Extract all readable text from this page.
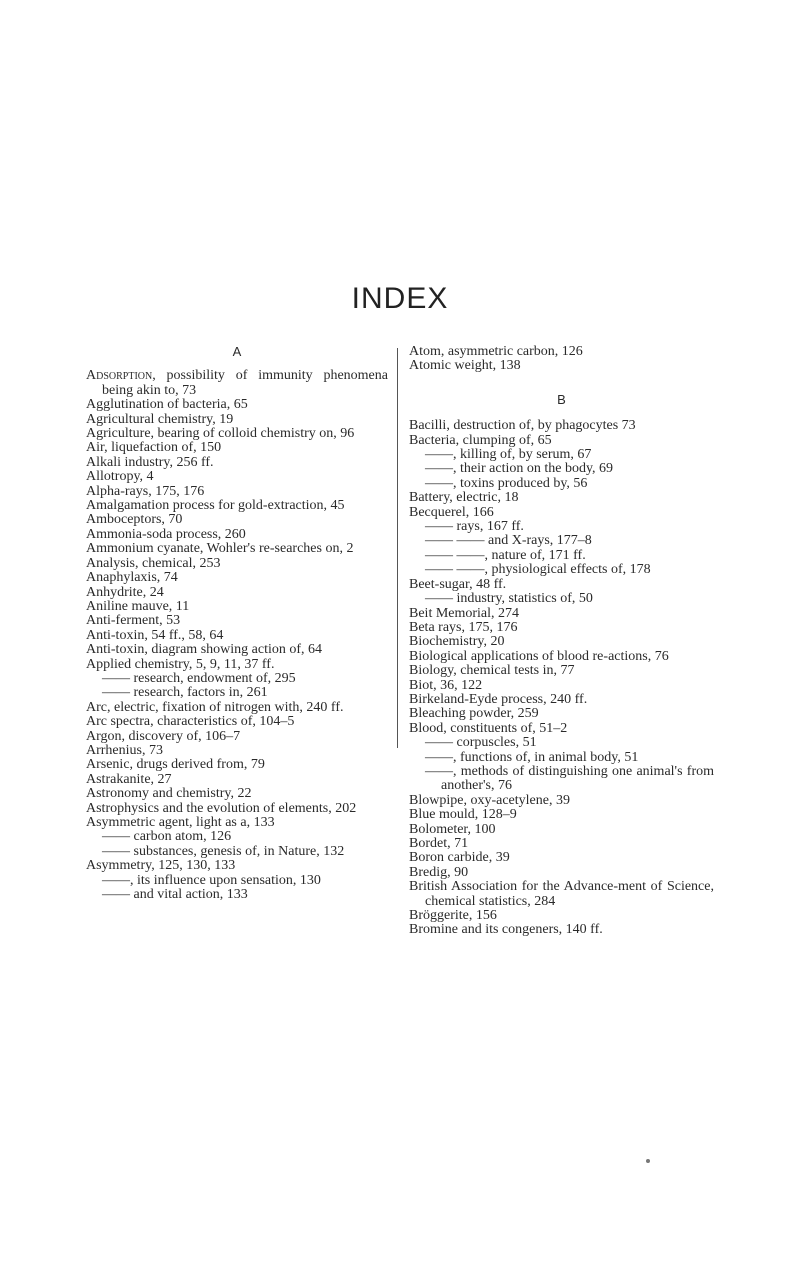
INDEX

A

Adsorption, possibility of immunity phenomena being akin to, 73

Agglutination of bacteria, 65

Agricultural chemistry, 19

Agriculture, bearing of colloid chemistry on, 96

Air, liquefaction of, 150

Alkali industry, 256 ff.

Allotropy, 4

Alpha-rays, 175, 176

Amalgamation process for gold-extraction, 45

Amboceptors, 70

Ammonia-soda process, 260

Ammonium cyanate, Wohler's re-searches on, 2

Analysis, chemical, 253

Anaphylaxis, 74

Anhydrite, 24

Aniline mauve, 11

Anti-ferment, 53

Anti-toxin, 54 ff., 58, 64

Anti-toxin, diagram showing action of, 64

Applied chemistry, 5, 9, 11, 37 ff.

—— research, endowment of, 295

—— research, factors in, 261

Arc, electric, fixation of nitrogen with, 240 ff.

Arc spectra, characteristics of, 104–5

Argon, discovery of, 106–7

Arrhenius, 73

Arsenic, drugs derived from, 79

Astrakanite, 27

Astronomy and chemistry, 22

Astrophysics and the evolution of elements, 202

Asymmetric agent, light as a, 133

—— carbon atom, 126

—— substances, genesis of, in Nature, 132

Asymmetry, 125, 130, 133

——, its influence upon sensation, 130

—— and vital action, 133

Atom, asymmetric carbon, 126

Atomic weight, 138

B

Bacilli, destruction of, by phagocytes 73

Bacteria, clumping of, 65

——, killing of, by serum, 67

——, their action on the body, 69

——, toxins produced by, 56

Battery, electric, 18

Becquerel, 166

—— rays, 167 ff.

—— —— and X-rays, 177–8

—— ——, nature of, 171 ff.

—— ——, physiological effects of, 178

Beet-sugar, 48 ff.

—— industry, statistics of, 50

Beit Memorial, 274

Beta rays, 175, 176

Biochemistry, 20

Biological applications of blood re-actions, 76

Biology, chemical tests in, 77

Biot, 36, 122

Birkeland-Eyde process, 240 ff.

Bleaching powder, 259

Blood, constituents of, 51–2

—— corpuscles, 51

——, functions of, in animal body, 51

——, methods of distinguishing one animal's from another's, 76

Blowpipe, oxy-acetylene, 39

Blue mould, 128–9

Bolometer, 100

Bordet, 71

Boron carbide, 39

Bredig, 90

British Association for the Advance-ment of Science, chemical statistics, 284

Bröggerite, 156

Bromine and its congeners, 140 ff.
